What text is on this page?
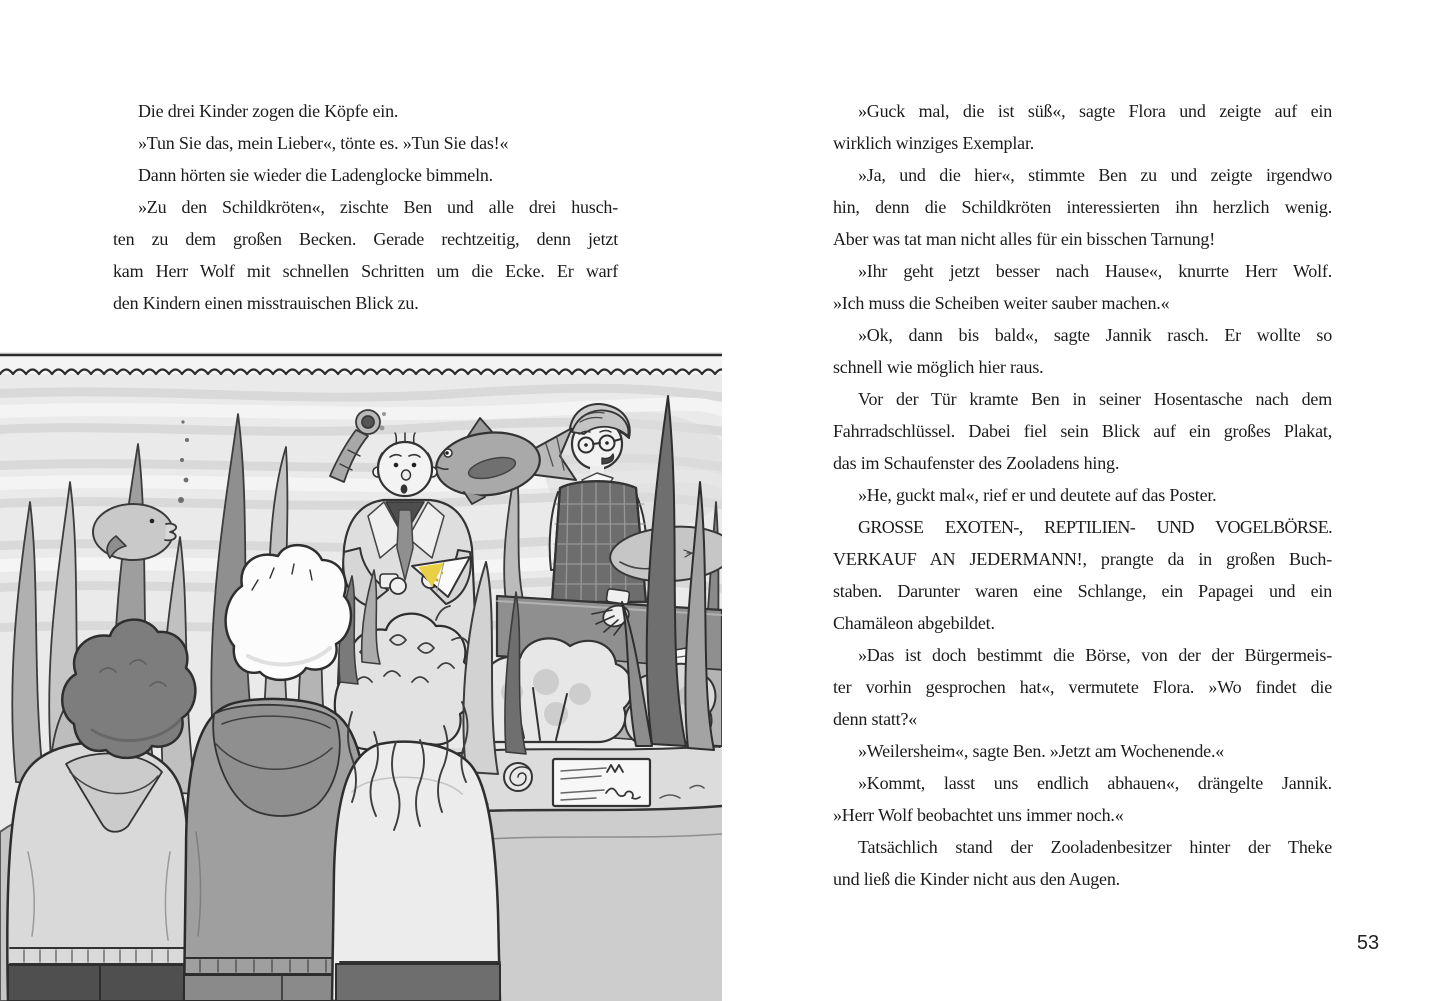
Die drei Kinder zogen die Köpfe ein.
»Tun Sie das, mein Lieber«, tönte es. »Tun Sie das!«
Dann hörten sie wieder die Ladenglocke bimmeln.
»Zu den Schildkröten«, zischte Ben und alle drei husch-
ten zu dem großen Becken. Gerade rechtzeitig, denn jetzt
kam Herr Wolf mit schnellen Schritten um die Ecke. Er warf
den Kindern einen misstrauischen Blick zu.
»Guck mal, die ist süß«, sagte Flora und zeigte auf ein
wirklich winziges Exemplar.
»Ja, und die hier«, stimmte Ben zu und zeigte irgendwo
hin, denn die Schildkröten interessierten ihn herzlich wenig.
Aber was tat man nicht alles für ein bisschen Tarnung!
»Ihr geht jetzt besser nach Hause«, knurrte Herr Wolf.
»Ich muss die Scheiben weiter sauber machen.«
»Ok, dann bis bald«, sagte Jannik rasch. Er wollte so
schnell wie möglich hier raus.
Vor der Tür kramte Ben in seiner Hosentasche nach dem
Fahrradschlüssel. Dabei fiel sein Blick auf ein großes Plakat,
das im Schaufenster des Zooladens hing.
»He, guckt mal«, rief er und deutete auf das Poster.
GROSSE EXOTEN-, REPTILIEN- UND VOGELBÖRSE.
VERKAUF AN JEDERMANN!, prangte da in großen Buch-
staben. Darunter waren eine Schlange, ein Papagei und ein
Chamäleon abgebildet.
»Das ist doch bestimmt die Börse, von der der Bürgermeis-
ter vorhin gesprochen hat«, vermutete Flora. »Wo findet die
denn statt?«
»Weilersheim«, sagte Ben. »Jetzt am Wochenende.«
»Kommt, lasst uns endlich abhauen«, drängelte Jannik.
»Herr Wolf beobachtet uns immer noch.«
Tatsächlich stand der Zooladenbesitzer hinter der Theke
und ließ die Kinder nicht aus den Augen.
53
